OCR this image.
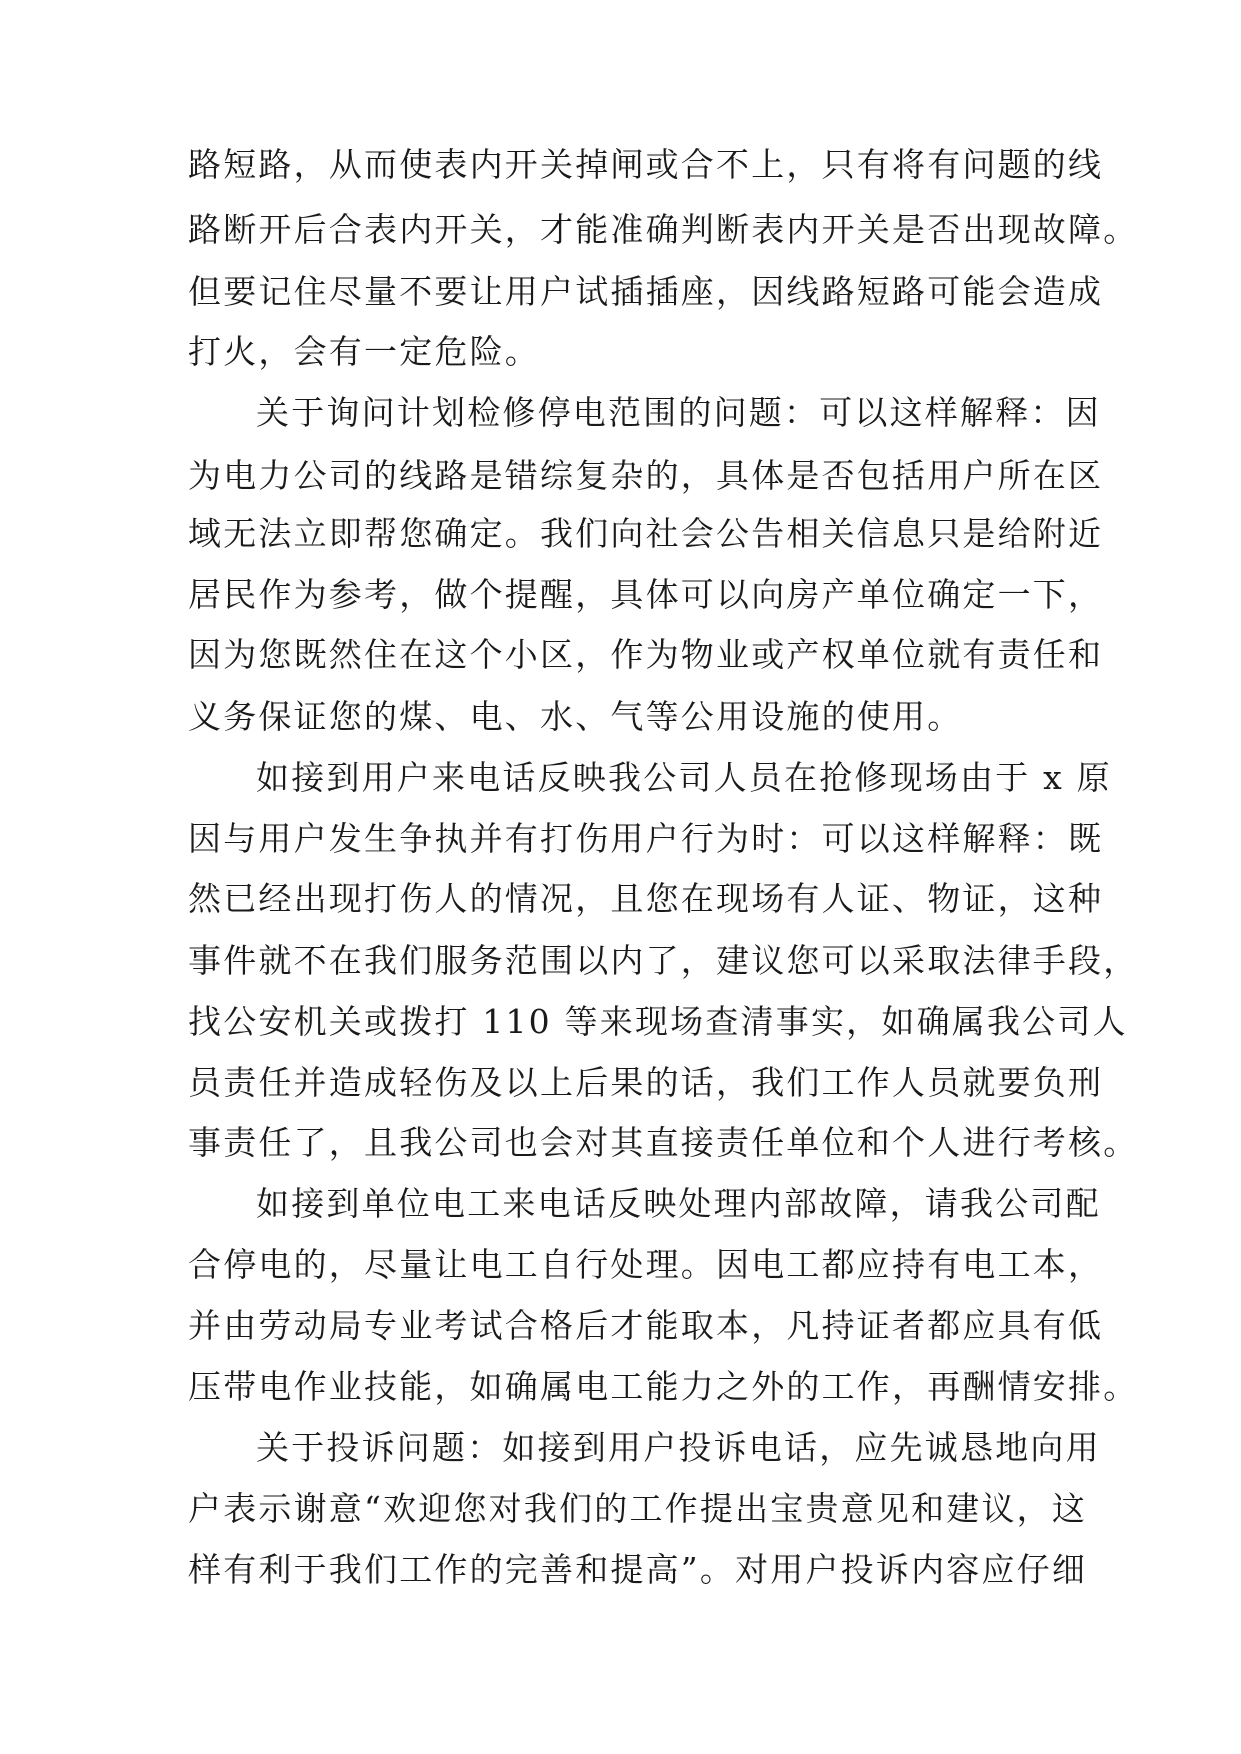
路短路，从而使表内开关掉闸或合不上，只有将有问题的线
路断开后合表内开关，才能准确判断表内开关是否出现故障。
但要记住尽量不要让用户试插插座，因线路短路可能会造成
打火，会有一定危险。
关于询问计划检修停电范围的问题：可以这样解释：因
为电力公司的线路是错综复杂的，具体是否包括用户所在区
域无法立即帮您确定。我们向社会公告相关信息只是给附近
居民作为参考，做个提醒，具体可以向房产单位确定一下，
因为您既然住在这个小区，作为物业或产权单位就有责任和
义务保证您的煤、电、水、气等公用设施的使用。
如接到用户来电话反映我公司人员在抢修现场由于 x 原
因与用户发生争执并有打伤用户行为时：可以这样解释：既
然已经出现打伤人的情况，且您在现场有人证、物证，这种
事件就不在我们服务范围以内了，建议您可以采取法律手段，
找公安机关或拨打 110 等来现场查清事实，如确属我公司人
员责任并造成轻伤及以上后果的话，我们工作人员就要负刑
事责任了，且我公司也会对其直接责任单位和个人进行考核。
如接到单位电工来电话反映处理内部故障，请我公司配
合停电的，尽量让电工自行处理。因电工都应持有电工本，
并由劳动局专业考试合格后才能取本，凡持证者都应具有低
压带电作业技能，如确属电工能力之外的工作，再酬情安排。
关于投诉问题：如接到用户投诉电话，应先诚恳地向用
户表示谢意“欢迎您对我们的工作提出宝贵意见和建议，这
样有利于我们工作的完善和提高”。对用户投诉内容应仔细
